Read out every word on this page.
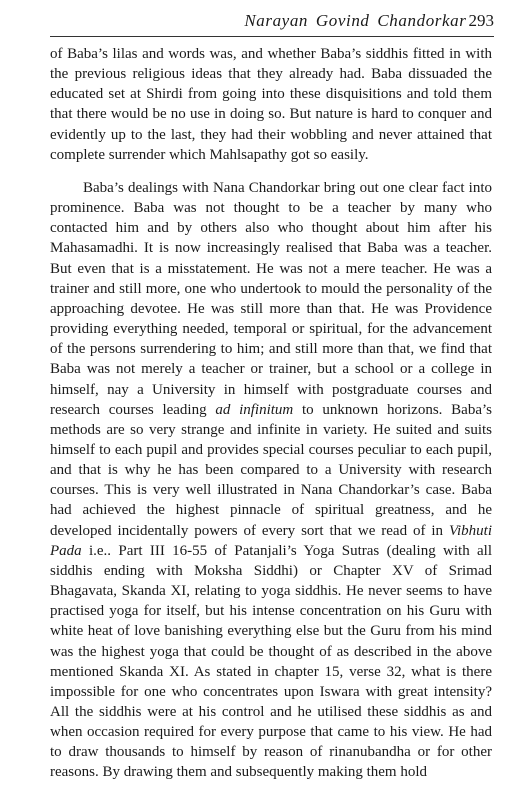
Narayan Govind Chandorkar 293

of Baba’s lilas and words was, and whether Baba’s siddhis fitted in with the previous religious ideas that they already had. Baba dissuaded the educated set at Shirdi from going into these disquisitions and told them that there would be no use in doing so. But nature is hard to conquer and evidently up to the last, they had their wobbling and never attained that complete surrender which Mahlsapathy got so easily.

Baba’s dealings with Nana Chandorkar bring out one clear fact into prominence. Baba was not thought to be a teacher by many who contacted him and by others also who thought about him after his Mahasamadhi. It is now increasingly realised that Baba was a teacher. But even that is a misstatement. He was not a mere teacher. He was a trainer and still more, one who undertook to mould the personality of the approaching devotee. He was still more than that. He was Providence providing everything needed, temporal or spiritual, for the advancement of the persons surrendering to him; and still more than that, we find that Baba was not merely a teacher or trainer, but a school or a college in himself, nay a University in himself with postgraduate courses and research courses leading ad infinitum to unknown horizons. Baba’s methods are so very strange and infinite in variety. He suited and suits himself to each pupil and provides special courses peculiar to each pupil, and that is why he has been compared to a University with research courses. This is very well illustrated in Nana Chandorkar’s case. Baba had achieved the highest pinnacle of spiritual greatness, and he developed incidentally powers of every sort that we read of in Vibhuti Pada i.e.. Part III 16-55 of Patanjali’s Yoga Sutras (dealing with all siddhis ending with Moksha Siddhi) or Chapter XV of Srimad Bhagavata, Skanda XI, relating to yoga siddhis. He never seems to have practised yoga for itself, but his intense concentration on his Guru with white heat of love banishing everything else but the Guru from his mind was the highest yoga that could be thought of as described in the above mentioned Skanda XI. As stated in chapter 15, verse 32, what is there impossible for one who concentrates upon Iswara with great intensity? All the siddhis were at his control and he utilised these siddhis as and when occasion required for every purpose that came to his view. He had to draw thousands to himself by reason of rinanubandha or for other reasons. By drawing them and subsequently making them hold
